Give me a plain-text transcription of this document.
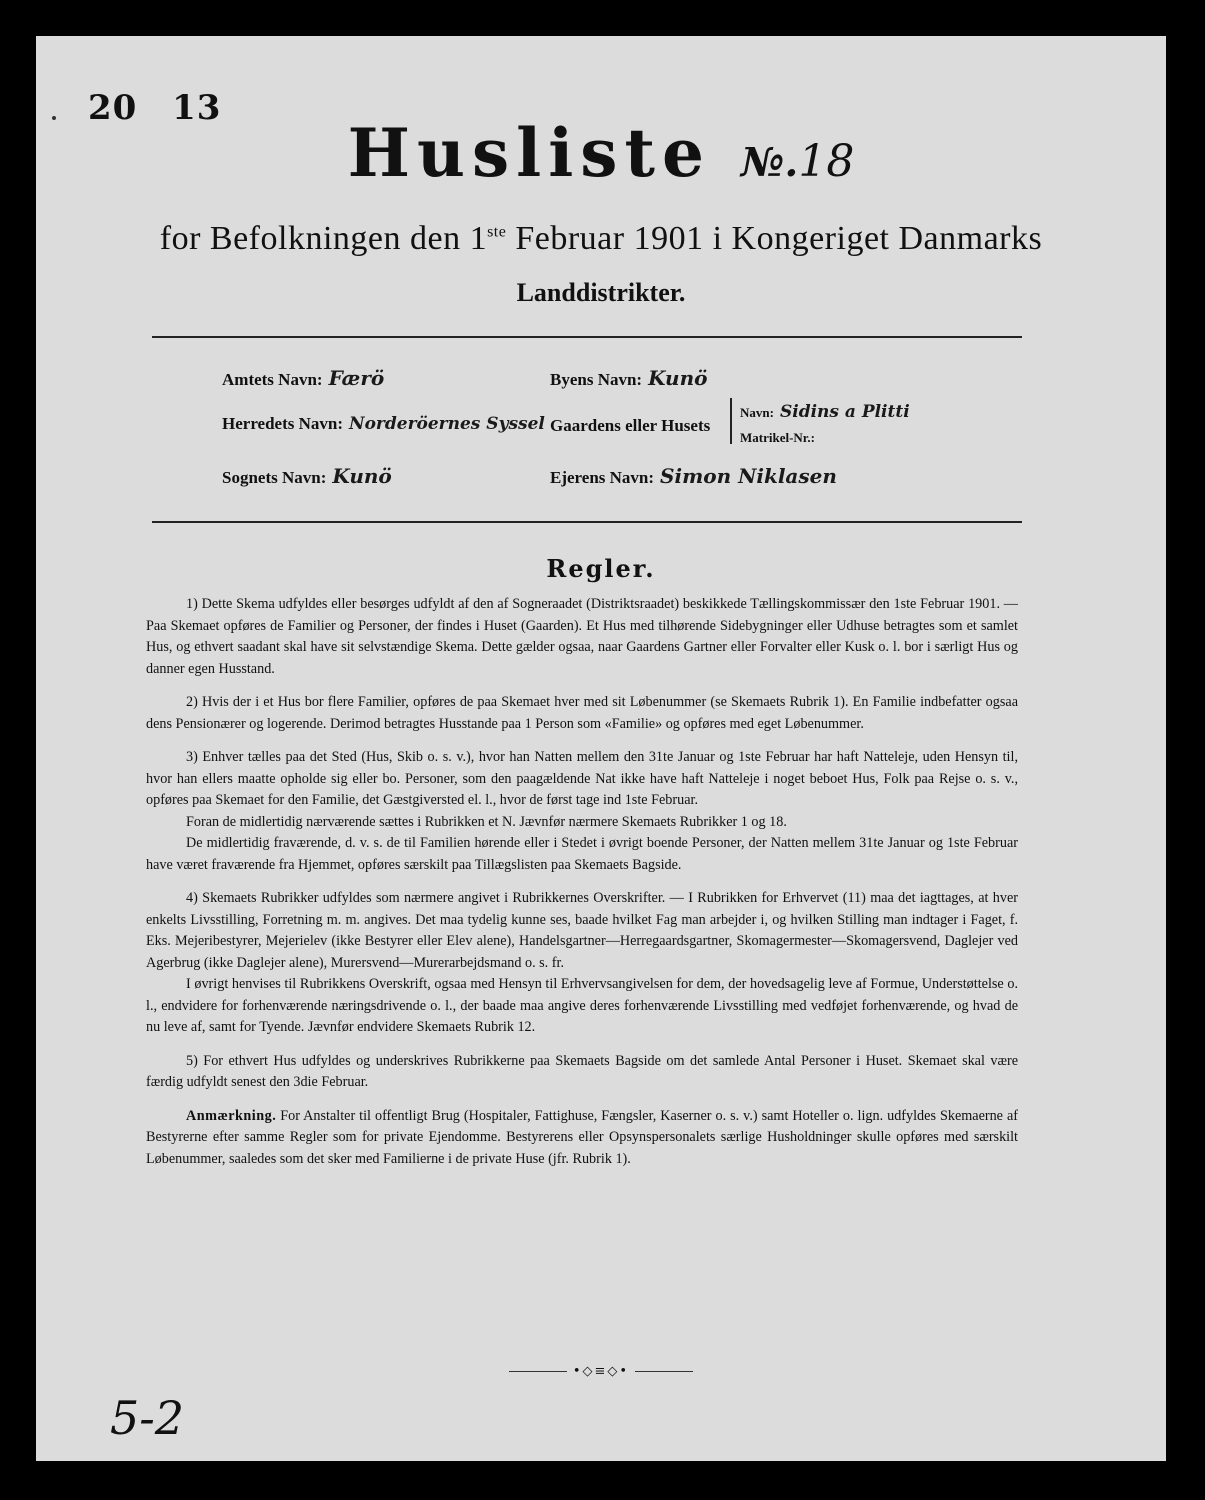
20 13
Husliste №.18
for Befolkningen den 1ste Februar 1901 i Kongeriget Danmarks
Landdistrikter.
Amtets Navn: Færö	Byens Navn: Kunö
Herredets Navn: Norderöernes Syssel Gaardens eller Husets
Navn: Sidins a Plitti
Matrikel-Nr.:
Sognets Navn: Kunö	Ejerens Navn: Simon Niklasen
Regler.

1) Dette Skema udfyldes eller besørges udfyldt af den af Sogneraadet (Distriktsraadet) beskikkede Tællingskommissær den 1ste Februar 1901. — Paa Skemaet opføres de Familier og Personer, der findes i Huset (Gaarden). Et Hus med tilhørende Sidebygninger eller Udhuse betragtes som et samlet Hus, og ethvert saadant skal have sit selvstændige Skema. Dette gælder ogsaa, naar Gaardens Gartner eller Forvalter eller Kusk o. l. bor i særligt Hus og danner egen Husstand.

2) Hvis der i et Hus bor flere Familier, opføres de paa Skemaet hver med sit Løbenummer (se Skemaets Rubrik 1). En Familie indbefatter ogsaa dens Pensionærer og logerende. Derimod betragtes Husstande paa 1 Person som «Familie» og opføres med eget Løbenummer.

3) Enhver tælles paa det Sted (Hus, Skib o. s. v.), hvor han Natten mellem den 31te Januar og 1ste Februar har haft Natteleje, uden Hensyn til, hvor han ellers maatte opholde sig eller bo. Personer, som den paagældende Nat ikke have haft Natteleje i noget beboet Hus, Folk paa Rejse o. s. v., opføres paa Skemaet for den Familie, det Gæstgiversted el. l., hvor de først tage ind 1ste Februar.

Foran de midlertidig nærværende sættes i Rubrikken et N. Jævnfør nærmere Skemaets Rubrikker 1 og 18.

De midlertidig fraværende, d. v. s. de til Familien hørende eller i Stedet i øvrigt boende Personer, der Natten mellem 31te Januar og 1ste Februar have været fraværende fra Hjemmet, opføres særskilt paa Tillægslisten paa Skemaets Bagside.

4) Skemaets Rubrikker udfyldes som nærmere angivet i Rubrikkernes Overskrifter. — I Rubrikken for Erhvervet (11) maa det iagttages, at hver enkelts Livsstilling, Forretning m. m. angives. Det maa tydelig kunne ses, baade hvilket Fag man arbejder i, og hvilken Stilling man indtager i Faget, f. Eks. Mejeribestyrer, Mejerielev (ikke Bestyrer eller Elev alene), Handelsgartner—Herregaardsgartner, Skomagermester—Skomagersvend, Daglejer ved Agerbrug (ikke Daglejer alene), Murersvend—Murerarbejdsmand o. s. fr.

I øvrigt henvises til Rubrikkens Overskrift, ogsaa med Hensyn til Erhvervsangivelsen for dem, der hovedsagelig leve af Formue, Understøttelse o. l., endvidere for forhenværende næringsdrivende o. l., der baade maa angive deres forhenværende Livsstilling med vedføjet forhenværende, og hvad de nu leve af, samt for Tyende. Jævnfør endvidere Skemaets Rubrik 12.

5) For ethvert Hus udfyldes og underskrives Rubrikkerne paa Skemaets Bagside om det samlede Antal Personer i Huset. Skemaet skal være færdig udfyldt senest den 3die Februar.

Anmærkning. For Anstalter til offentligt Brug (Hospitaler, Fattighuse, Fængsler, Kaserner o. s. v.) samt Hoteller o. lign. udfyldes Skemaerne af Bestyrerne efter samme Regler som for private Ejendomme. Bestyrerens eller Opsynspersonalets særlige Husholdninger skulle opføres med særskilt Løbenummer, saaledes som det sker med Familierne i de private Huse (jfr. Rubrik 1).

•◇≡◇•
5-2
